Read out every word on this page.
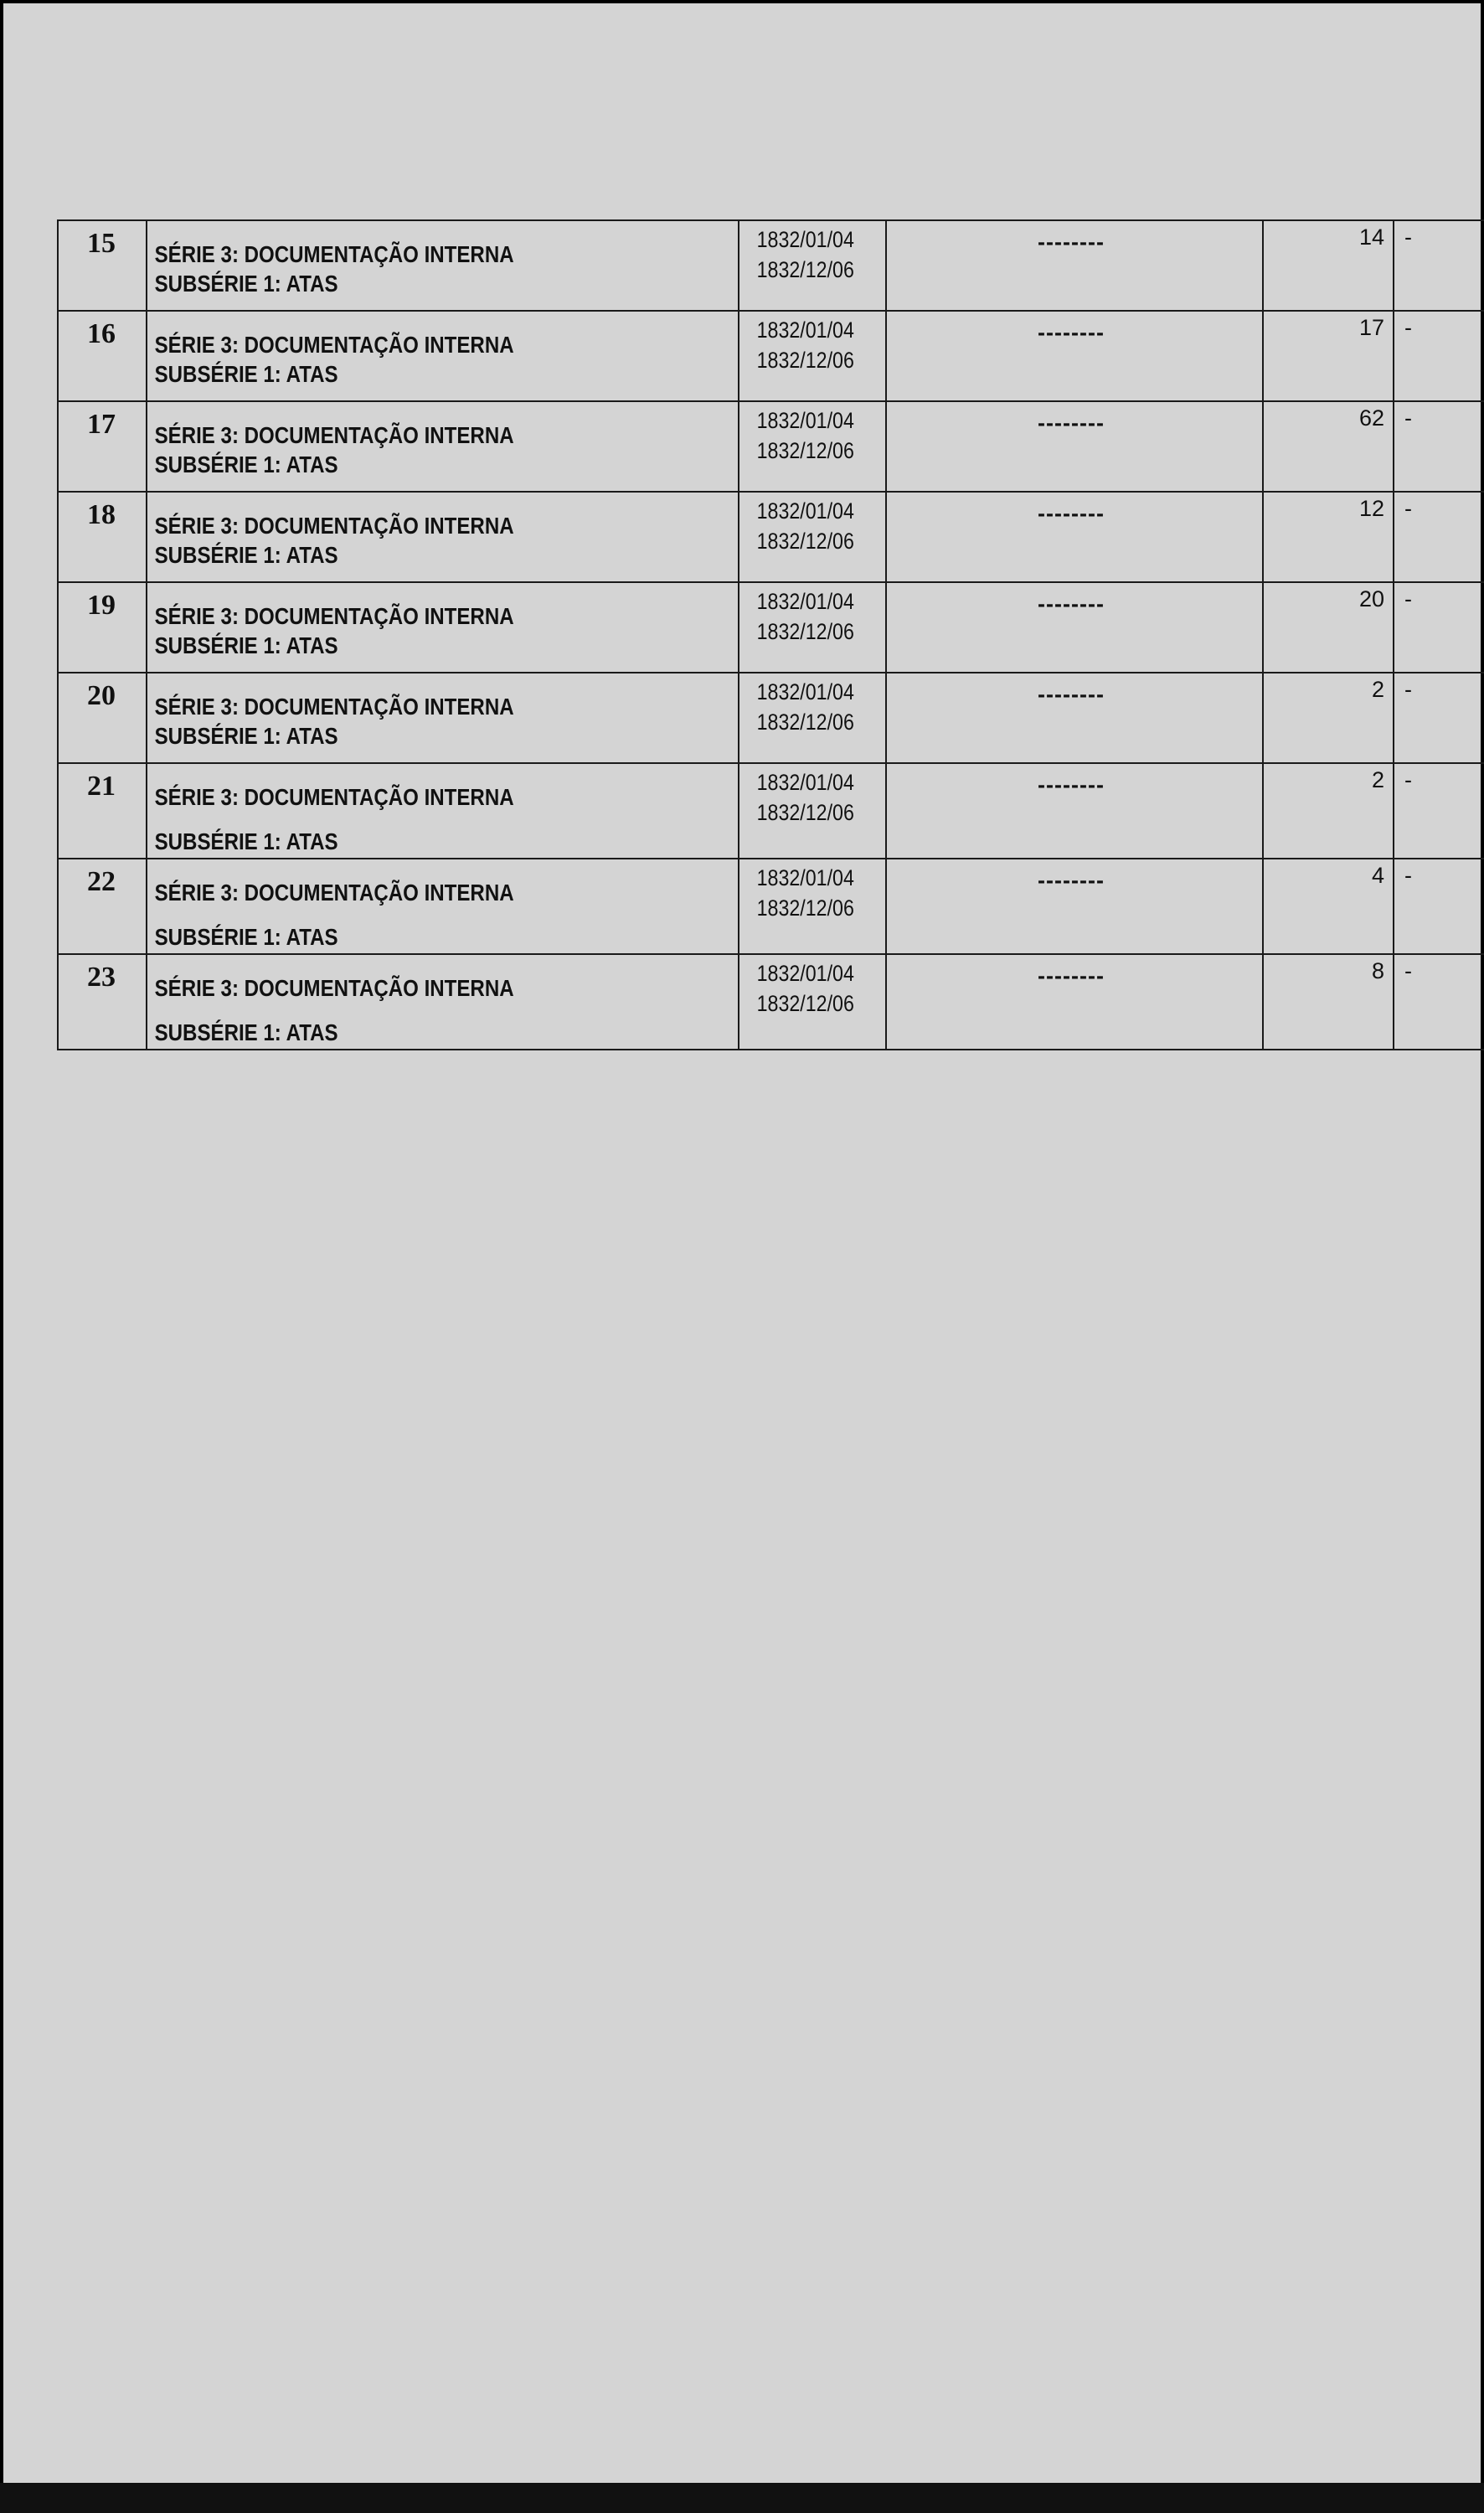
15	SÉRIE 3: DOCUMENTAÇÃO INTERNA
SUBSÉRIE 1: ATAS	1832/01/04
1832/12/06	--------	14	-

16	SÉRIE 3: DOCUMENTAÇÃO INTERNA
SUBSÉRIE 1: ATAS	1832/01/04
1832/12/06	--------	17	-

17	SÉRIE 3: DOCUMENTAÇÃO INTERNA
SUBSÉRIE 1: ATAS	1832/01/04
1832/12/06	--------	62	-

18	SÉRIE 3: DOCUMENTAÇÃO INTERNA
SUBSÉRIE 1: ATAS	1832/01/04
1832/12/06	--------	12	-

19	SÉRIE 3: DOCUMENTAÇÃO INTERNA
SUBSÉRIE 1: ATAS	1832/01/04
1832/12/06	--------	20	-

20	SÉRIE 3: DOCUMENTAÇÃO INTERNA
SUBSÉRIE 1: ATAS	1832/01/04
1832/12/06	--------	2	-

21	SÉRIE 3: DOCUMENTAÇÃO INTERNA
SUBSÉRIE 1: ATAS	1832/01/04
1832/12/06	--------	2	-

22	SÉRIE 3: DOCUMENTAÇÃO INTERNA
SUBSÉRIE 1: ATAS	1832/01/04
1832/12/06	--------	4	-

23	SÉRIE 3: DOCUMENTAÇÃO INTERNA
SUBSÉRIE 1: ATAS	1832/01/04
1832/12/06	--------	8	-
